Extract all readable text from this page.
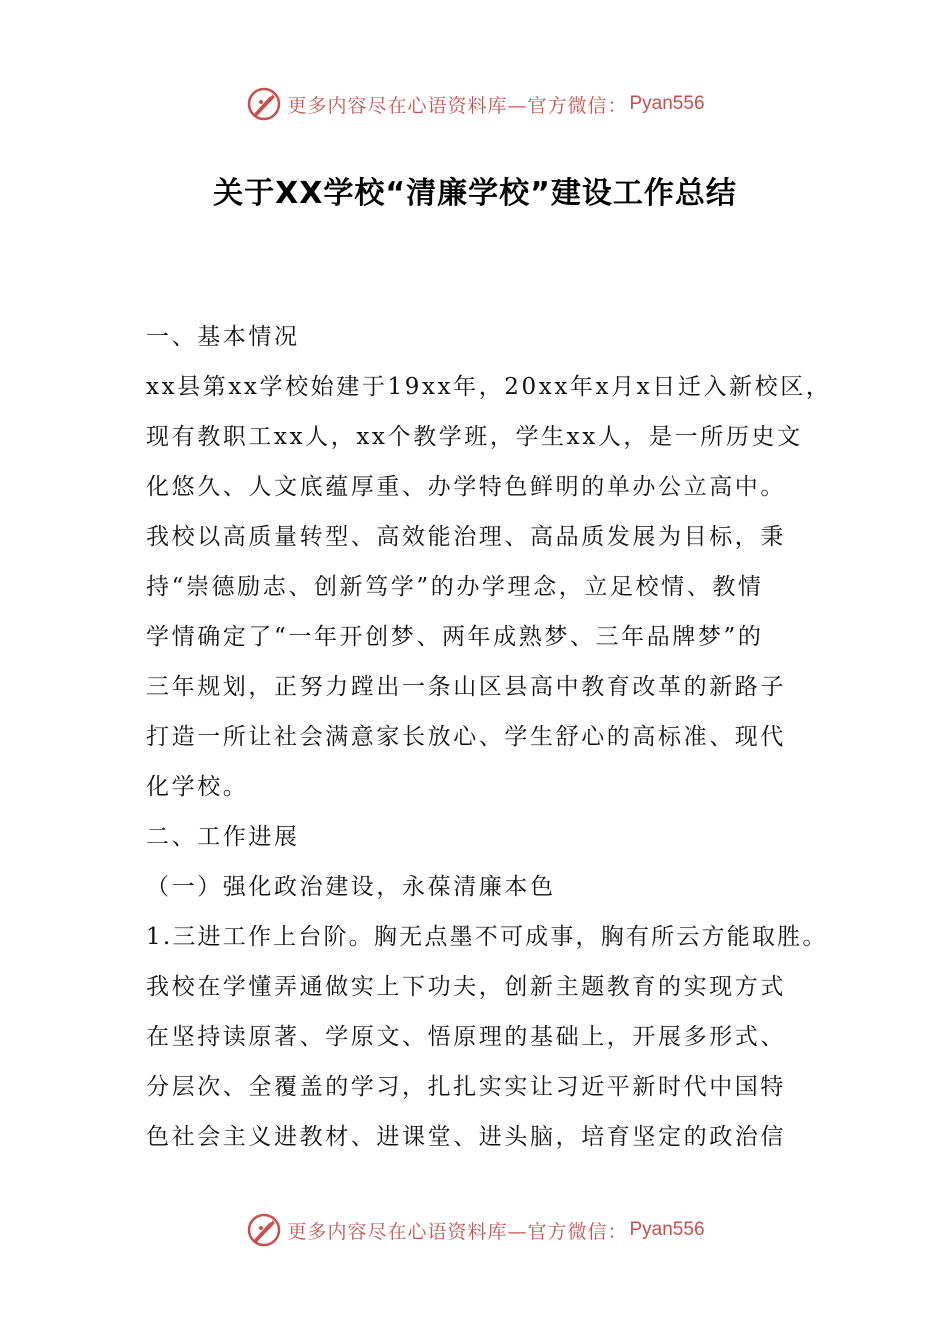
更多内容尽在心语资料库—官方微信： Pyan556
关于XX学校“清廉学校”建设工作总结
一、基本情况
xx县第xx学校始建于19xx年，20xx年x月x日迁入新校区，
现有教职工xx人，xx个教学班，学生xx人，是一所历史文
化悠久、人文底蕴厚重、办学特色鲜明的单办公立高中。
我校以高质量转型、高效能治理、高品质发展为目标，秉
持“崇德励志、创新笃学”的办学理念，立足校情、教情
学情确定了“一年开创梦、两年成熟梦、三年品牌梦”的
三年规划，正努力蹚出一条山区县高中教育改革的新路子
打造一所让社会满意家长放心、学生舒心的高标准、现代
化学校。
二、工作进展
（一）强化政治建设，永葆清廉本色
1.三进工作上台阶。胸无点墨不可成事，胸有所云方能取胜。
我校在学懂弄通做实上下功夫，创新主题教育的实现方式
在坚持读原著、学原文、悟原理的基础上，开展多形式、
分层次、全覆盖的学习，扎扎实实让习近平新时代中国特
色社会主义进教材、进课堂、进头脑，培育坚定的政治信
更多内容尽在心语资料库—官方微信： Pyan556
